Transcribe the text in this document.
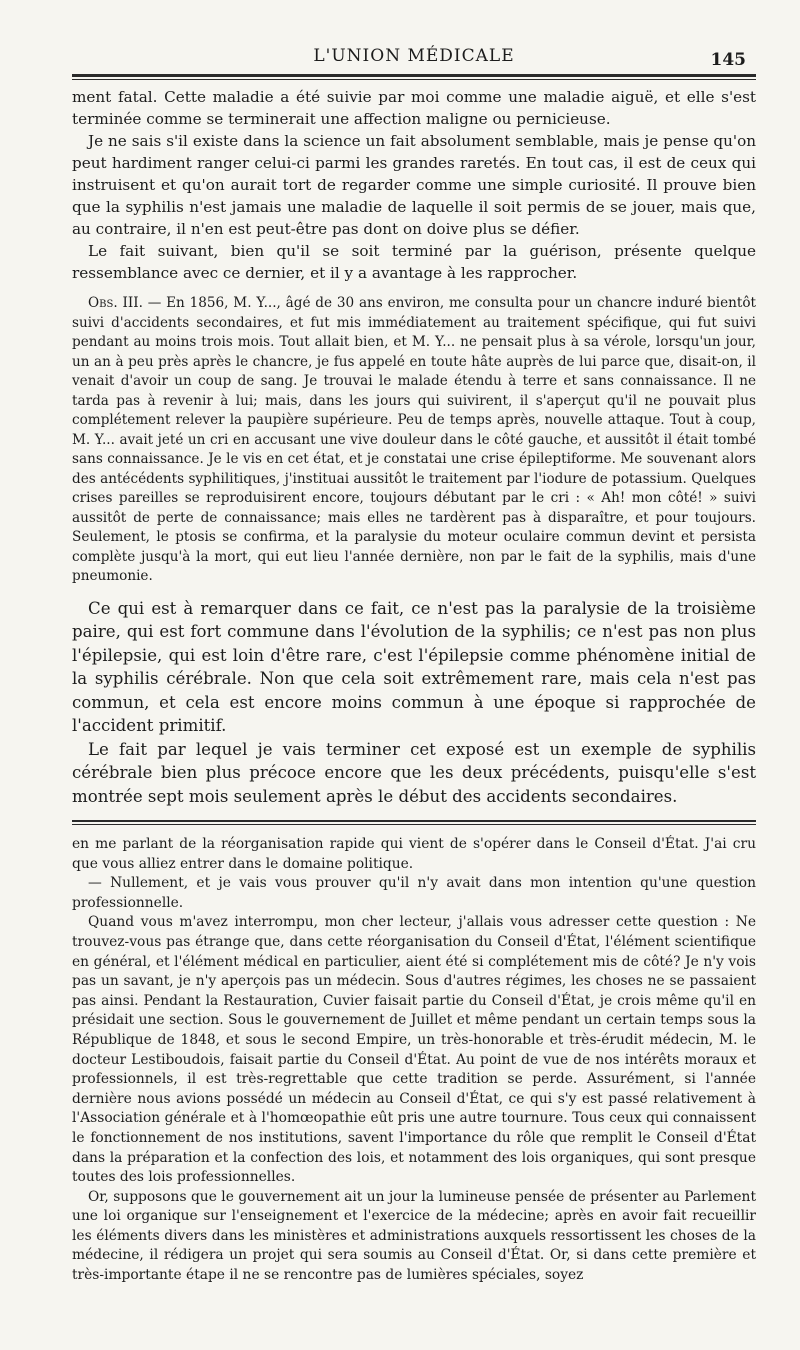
L'UNION MÉDICALE	145

ment fatal. Cette maladie a été suivie par moi comme une maladie aiguë, et elle s'est terminée comme se terminerait une affection maligne ou pernicieuse.

Je ne sais s'il existe dans la science un fait absolument semblable, mais je pense qu'on peut hardiment ranger celui-ci parmi les grandes raretés. En tout cas, il est de ceux qui instruisent et qu'on aurait tort de regarder comme une simple curiosité. Il prouve bien que la syphilis n'est jamais une maladie de laquelle il soit permis de se jouer, mais que, au contraire, il n'en est peut-être pas dont on doive plus se défier.

Le fait suivant, bien qu'il se soit terminé par la guérison, présente quelque ressemblance avec ce dernier, et il y a avantage à les rapprocher.

Obs. III. — En 1856, M. Y..., âgé de 30 ans environ, me consulta pour un chancre induré bientôt suivi d'accidents secondaires, et fut mis immédiatement au traitement spécifique, qui fut suivi pendant au moins trois mois. Tout allait bien, et M. Y... ne pensait plus à sa vérole, lorsqu'un jour, un an à peu près après le chancre, je fus appelé en toute hâte auprès de lui parce que, disait-on, il venait d'avoir un coup de sang. Je trouvai le malade étendu à terre et sans connaissance. Il ne tarda pas à revenir à lui; mais, dans les jours qui suivirent, il s'aperçut qu'il ne pouvait plus complétement relever la paupière supérieure. Peu de temps après, nouvelle attaque. Tout à coup, M. Y... avait jeté un cri en accusant une vive douleur dans le côté gauche, et aussitôt il était tombé sans connaissance. Je le vis en cet état, et je constatai une crise épileptiforme. Me souvenant alors des antécédents syphilitiques, j'instituai aussitôt le traitement par l'iodure de potassium. Quelques crises pareilles se reproduisirent encore, toujours débutant par le cri : « Ah! mon côté! » suivi aussitôt de perte de connaissance; mais elles ne tardèrent pas à disparaître, et pour toujours. Seulement, le ptosis se confirma, et la paralysie du moteur oculaire commun devint et persista complète jusqu'à la mort, qui eut lieu l'année dernière, non par le fait de la syphilis, mais d'une pneumonie.

Ce qui est à remarquer dans ce fait, ce n'est pas la paralysie de la troisième paire, qui est fort commune dans l'évolution de la syphilis; ce n'est pas non plus l'épilepsie, qui est loin d'être rare, c'est l'épilepsie comme phénomène initial de la syphilis cérébrale. Non que cela soit extrêmement rare, mais cela n'est pas commun, et cela est encore moins commun à une époque si rapprochée de l'accident primitif.

Le fait par lequel je vais terminer cet exposé est un exemple de syphilis cérébrale bien plus précoce encore que les deux précédents, puisqu'elle s'est montrée sept mois seulement après le début des accidents secondaires.

en me parlant de la réorganisation rapide qui vient de s'opérer dans le Conseil d'État. J'ai cru que vous alliez entrer dans le domaine politique.

— Nullement, et je vais vous prouver qu'il n'y avait dans mon intention qu'une question professionnelle.

Quand vous m'avez interrompu, mon cher lecteur, j'allais vous adresser cette question : Ne trouvez-vous pas étrange que, dans cette réorganisation du Conseil d'État, l'élément scientifique en général, et l'élément médical en particulier, aient été si complétement mis de côté? Je n'y vois pas un savant, je n'y aperçois pas un médecin. Sous d'autres régimes, les choses ne se passaient pas ainsi. Pendant la Restauration, Cuvier faisait partie du Conseil d'État, je crois même qu'il en présidait une section. Sous le gouvernement de Juillet et même pendant un certain temps sous la République de 1848, et sous le second Empire, un très-honorable et très-érudit médecin, M. le docteur Lestiboudois, faisait partie du Conseil d'État. Au point de vue de nos intérêts moraux et professionnels, il est très-regrettable que cette tradition se perde. Assurément, si l'année dernière nous avions possédé un médecin au Conseil d'État, ce qui s'y est passé relativement à l'Association générale et à l'homœopathie eût pris une autre tournure. Tous ceux qui connaissent le fonctionnement de nos institutions, savent l'importance du rôle que remplit le Conseil d'État dans la préparation et la confection des lois, et notamment des lois organiques, qui sont presque toutes des lois professionnelles.

Or, supposons que le gouvernement ait un jour la lumineuse pensée de présenter au Parlement une loi organique sur l'enseignement et l'exercice de la médecine; après en avoir fait recueillir les éléments divers dans les ministères et administrations auxquels ressortissent les choses de la médecine, il rédigera un projet qui sera soumis au Conseil d'État. Or, si dans cette première et très-importante étape il ne se rencontre pas de lumières spéciales, soyez
